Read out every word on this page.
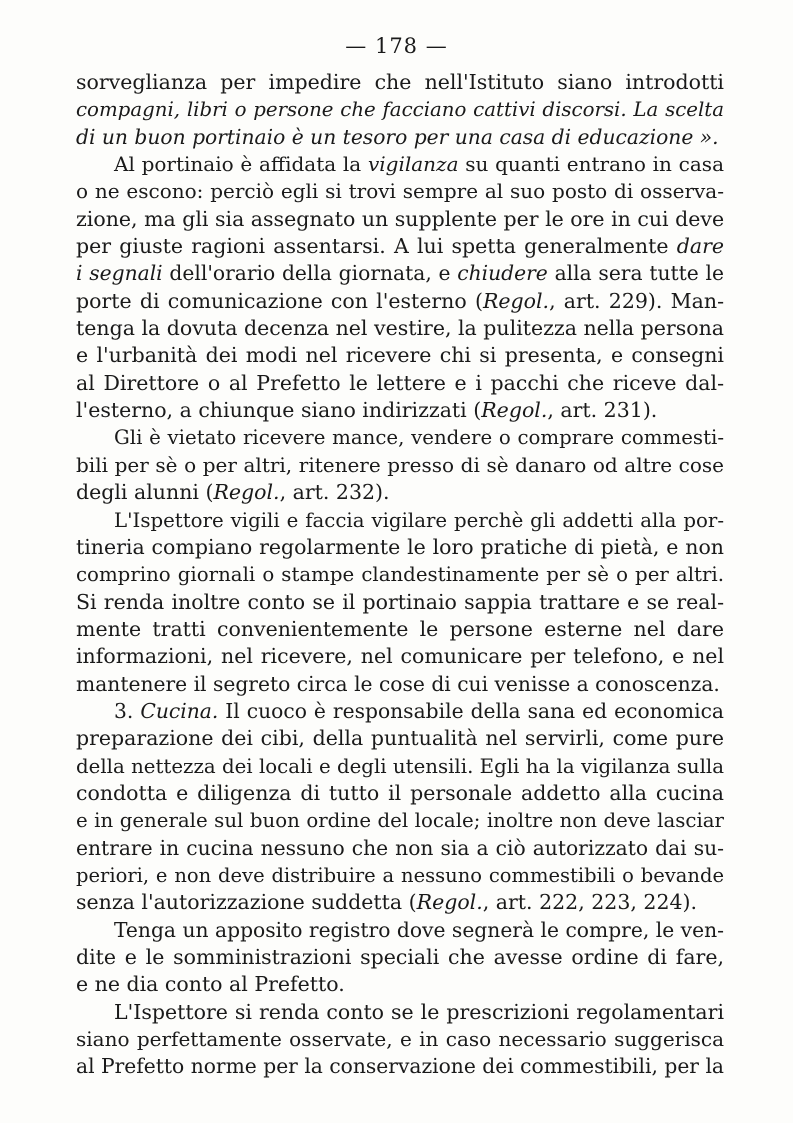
— 178 —
sorveglianza per impedire che nell'Istituto siano introdotti
compagni, libri o persone che facciano cattivi discorsi. La scelta
di un buon portinaio è un tesoro per una casa di educazione ».
Al portinaio è affidata la vigilanza su quanti entrano in casa
o ne escono: perciò egli si trovi sempre al suo posto di osserva-
zione, ma gli sia assegnato un supplente per le ore in cui deve
per giuste ragioni assentarsi. A lui spetta generalmente dare
i segnali dell'orario della giornata, e chiudere alla sera tutte le
porte di comunicazione con l'esterno (Regol., art. 229). Man-
tenga la dovuta decenza nel vestire, la pulitezza nella persona
e l'urbanità dei modi nel ricevere chi si presenta, e consegni
al Direttore o al Prefetto le lettere e i pacchi che riceve dal-
l'esterno, a chiunque siano indirizzati (Regol., art. 231).
Gli è vietato ricevere mance, vendere o comprare commesti-
bili per sè o per altri, ritenere presso di sè danaro od altre cose
degli alunni (Regol., art. 232).
L'Ispettore vigili e faccia vigilare perchè gli addetti alla por-
tineria compiano regolarmente le loro pratiche di pietà, e non
comprino giornali o stampe clandestinamente per sè o per altri.
Si renda inoltre conto se il portinaio sappia trattare e se real-
mente tratti convenientemente le persone esterne nel dare
informazioni, nel ricevere, nel comunicare per telefono, e nel
mantenere il segreto circa le cose di cui venisse a conoscenza.
3. Cucina. Il cuoco è responsabile della sana ed economica
preparazione dei cibi, della puntualità nel servirli, come pure
della nettezza dei locali e degli utensili. Egli ha la vigilanza sulla
condotta e diligenza di tutto il personale addetto alla cucina
e in generale sul buon ordine del locale; inoltre non deve lasciar
entrare in cucina nessuno che non sia a ciò autorizzato dai su-
periori, e non deve distribuire a nessuno commestibili o bevande
senza l'autorizzazione suddetta (Regol., art. 222, 223, 224).
Tenga un apposito registro dove segnerà le compre, le ven-
dite e le somministrazioni speciali che avesse ordine di fare,
e ne dia conto al Prefetto.
L'Ispettore si renda conto se le prescrizioni regolamentari
siano perfettamente osservate, e in caso necessario suggerisca
al Prefetto norme per la conservazione dei commestibili, per la
